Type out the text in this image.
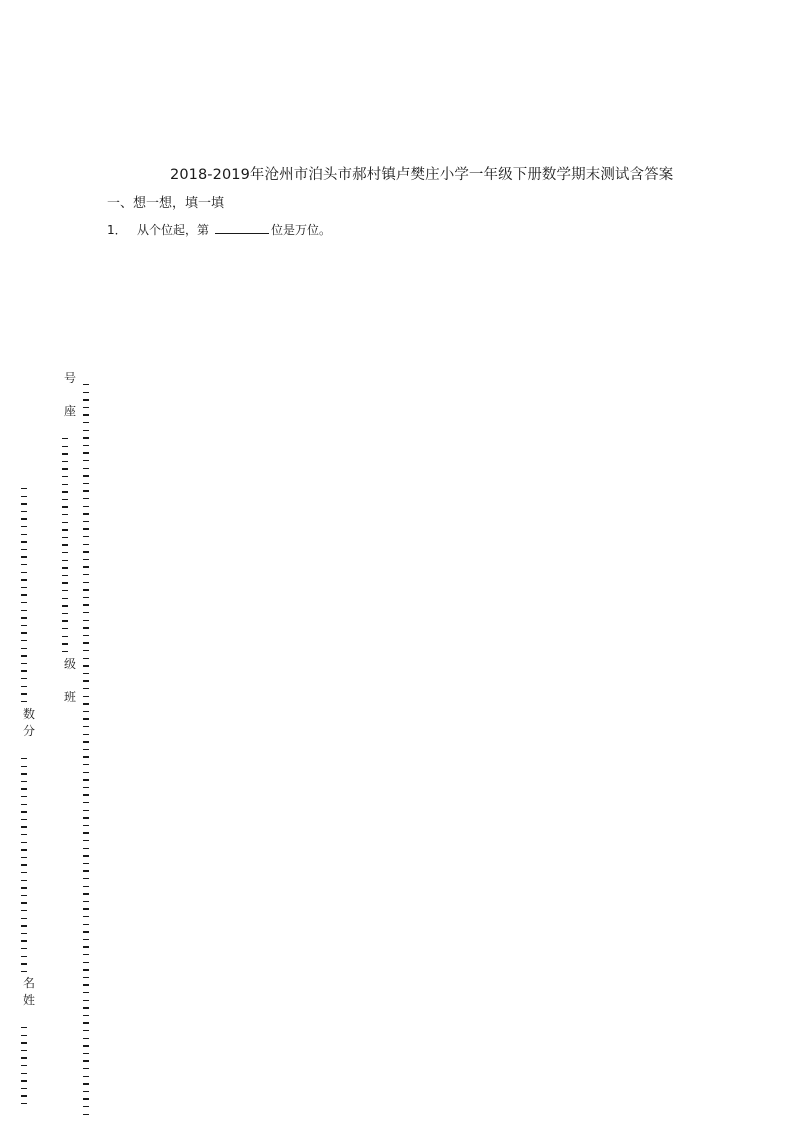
2018-2019年沧州市泊头市郝村镇卢樊庄小学一年级下册数学期末测试含答案
一、想一想，填一填
1． 从个位起，第	位是万位。
号
座
级
班
数
分
名
姓
